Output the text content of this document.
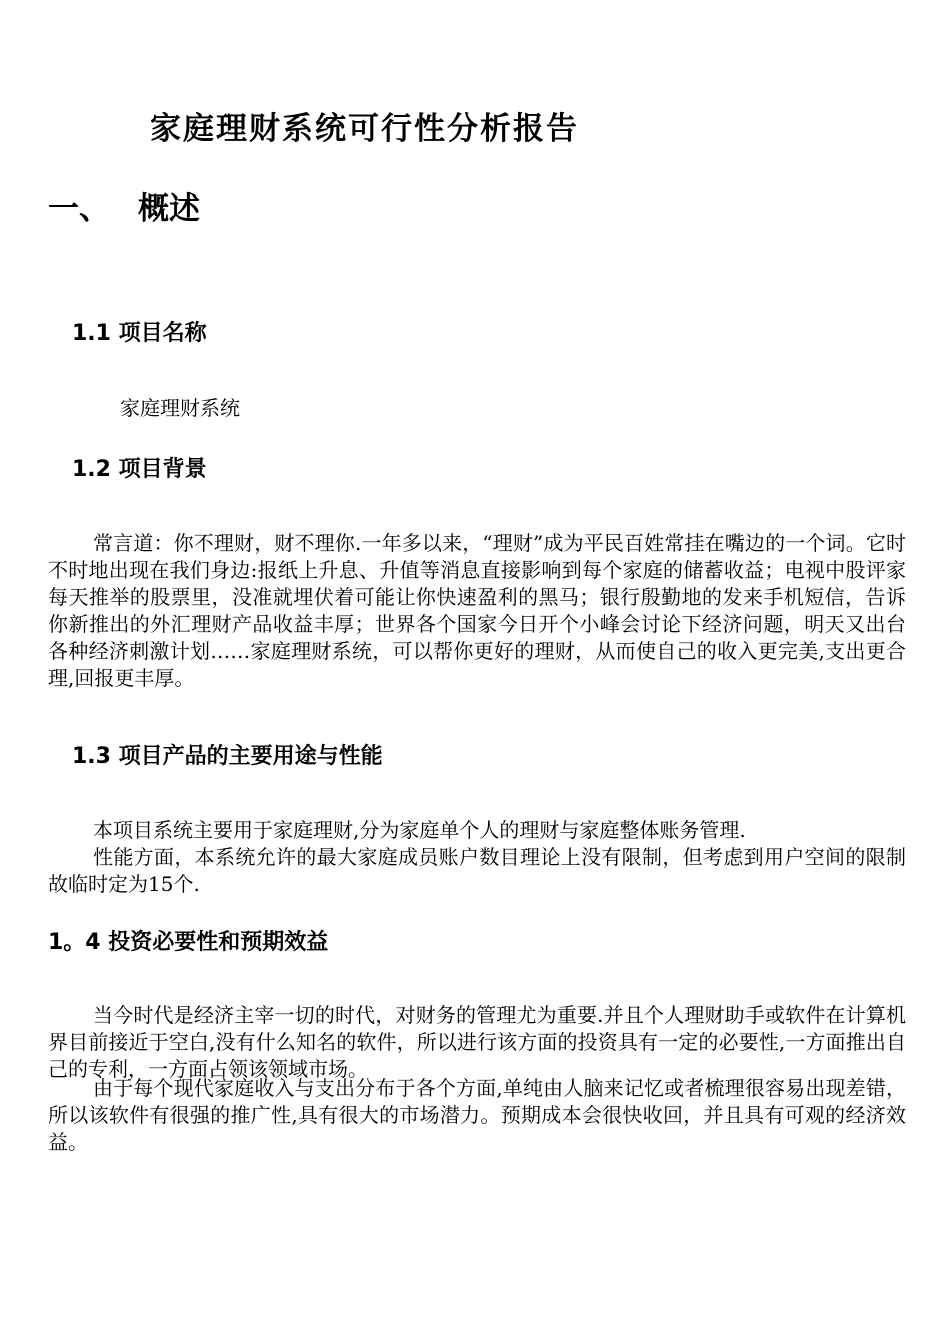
家庭理财系统可行性分析报告
一、 概述
1.1 项目名称
家庭理财系统
1.2 项目背景
常言道：你不理财，财不理你.一年多以来，“理财”成为平民百姓常挂在嘴边的一个词。它时不时地出现在我们身边:报纸上升息、升值等消息直接影响到每个家庭的储蓄收益；电视中股评家每天推举的股票里，没准就埋伏着可能让你快速盈利的黑马；银行殷勤地的发来手机短信，告诉你新推出的外汇理财产品收益丰厚；世界各个国家今日开个小峰会讨论下经济问题，明天又出台各种经济刺激计划……家庭理财系统，可以帮你更好的理财，从而使自己的收入更完美,支出更合理,回报更丰厚。
1.3 项目产品的主要用途与性能
本项目系统主要用于家庭理财,分为家庭单个人的理财与家庭整体账务管理.
性能方面，本系统允许的最大家庭成员账户数目理论上没有限制，但考虑到用户空间的限制故临时定为15个.
1。4 投资必要性和预期效益
当今时代是经济主宰一切的时代，对财务的管理尤为重要.并且个人理财助手或软件在计算机界目前接近于空白,没有什么知名的软件，所以进行该方面的投资具有一定的必要性,一方面推出自己的专利，一方面占领该领域市场。
由于每个现代家庭收入与支出分布于各个方面,单纯由人脑来记忆或者梳理很容易出现差错，所以该软件有很强的推广性,具有很大的市场潜力。预期成本会很快收回，并且具有可观的经济效益。
